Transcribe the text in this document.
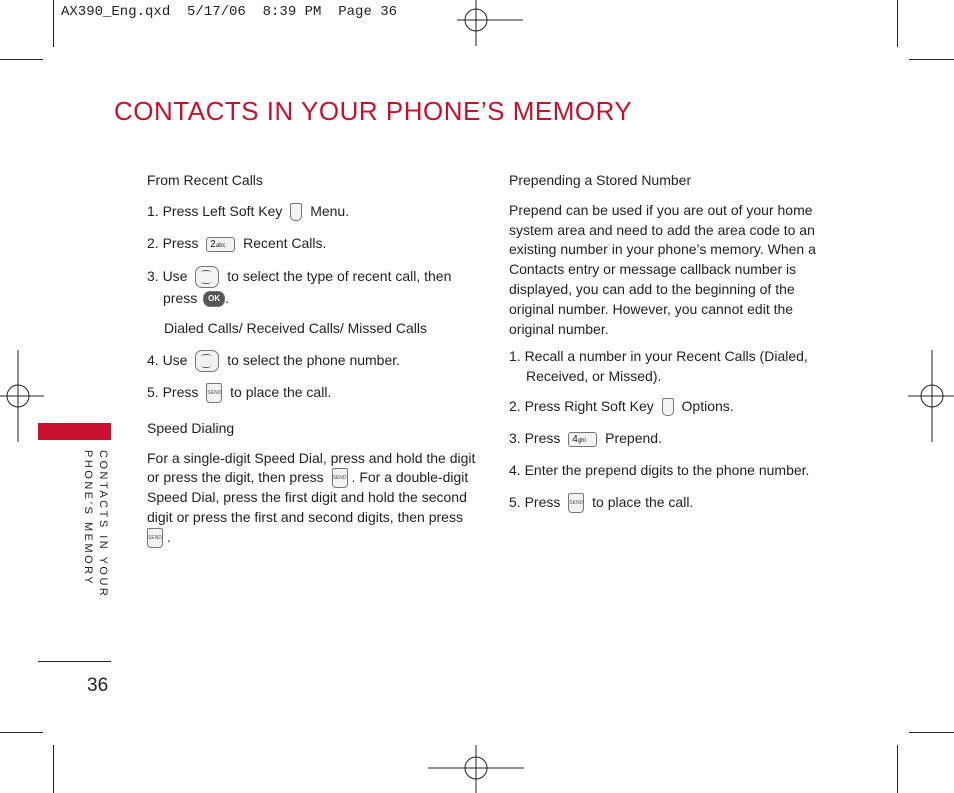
AX390_Eng.qxd  5/17/06  8:39 PM  Page 36
CONTACTS IN YOUR PHONE’S MEMORY
From Recent Calls
1. Press Left Soft Key Menu.
2. Press 2abc Recent Calls.
3. Use	to select the type of recent call, then
press OK .
Dialed Calls/ Received Calls/ Missed Calls
4. Use	to select the phone number.
5. Press SEND to place the call.
Speed Dialing
For a single-digit Speed Dial, press and hold the digit
or press the digit, then press SEND . For a double-digit
Speed Dial, press the first digit and hold the second
digit or press the first and second digits, then press
SEND .
Prepending a Stored Number
Prepend can be used if you are out of your home
system area and need to add the area code to an
existing number in your phone’s memory. When a
Contacts entry or message callback number is
displayed, you can add to the beginning of the
original number. However, you cannot edit the
original number.
1. Recall a number in your Recent Calls (Dialed,
Received, or Missed).
2. Press Right Soft Key Options.
3. Press 4ghi Prepend.
4. Enter the prepend digits to the phone number.
5. Press SEND to place the call.
CONTACTS IN YOUR
PHONE’S MEMORY
36
